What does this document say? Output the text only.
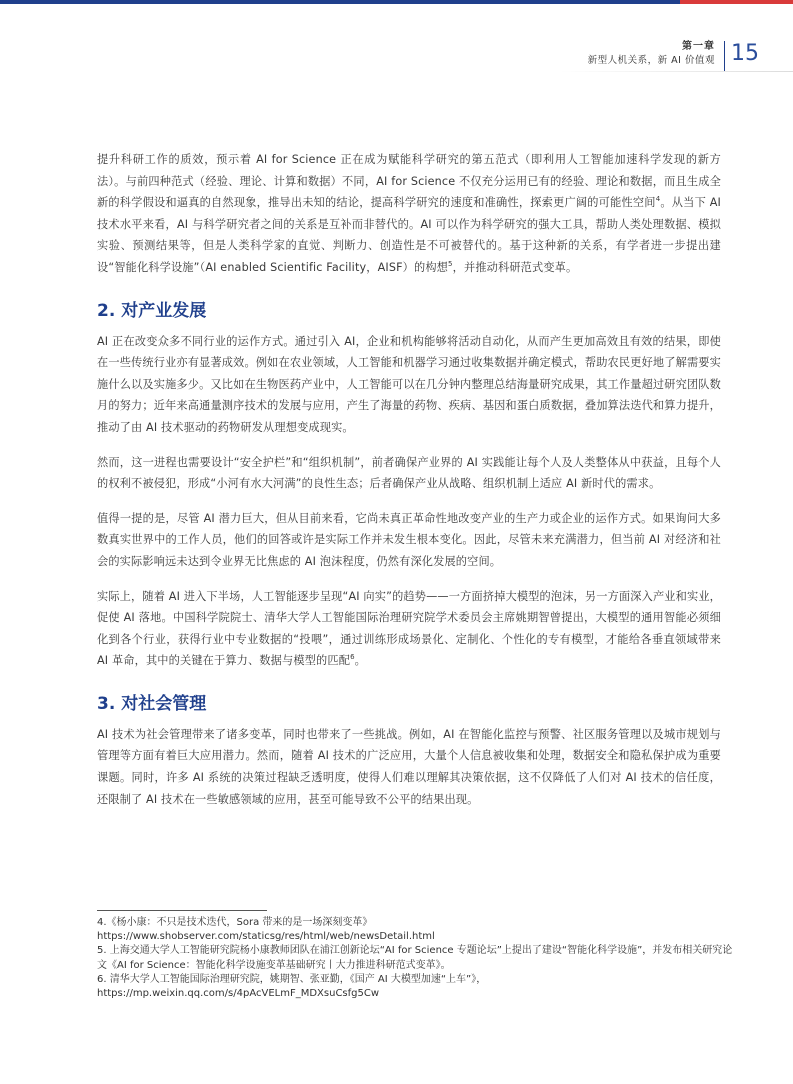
第一章
新型人机关系，新 AI 价值观 15

提升科研工作的质效，预示着 AI for Science 正在成为赋能科学研究的第五范式（即利用人工智能加速科学发现的新方法）。与前四种范式（经验、理论、计算和数据）不同，AI for Science 不仅充分运用已有的经验、理论和数据，而且生成全新的科学假设和逼真的自然现象，推导出未知的结论，提高科学研究的速度和准确性，探索更广阔的可能性空间$^4$。从当下 AI 技术水平来看，AI 与科学研究者之间的关系是互补而非替代的。AI 可以作为科学研究的强大工具，帮助人类处理数据、模拟实验、预测结果等，但是人类科学家的直觉、判断力、创造性是不可被替代的。基于这种新的关系，有学者进一步提出建设“智能化科学设施”（AI enabled Scientific Facility，AISF）的构想$^5$，并推动科研范式变革。

2. 对产业发展

AI 正在改变众多不同行业的运作方式。通过引入 AI，企业和机构能够将活动自动化，从而产生更加高效且有效的结果，即使在一些传统行业亦有显著成效。例如在农业领域，人工智能和机器学习通过收集数据并确定模式，帮助农民更好地了解需要实施什么以及实施多少。又比如在生物医药产业中，人工智能可以在几分钟内整理总结海量研究成果，其工作量超过研究团队数月的努力；近年来高通量测序技术的发展与应用，产生了海量的药物、疾病、基因和蛋白质数据，叠加算法迭代和算力提升，推动了由 AI 技术驱动的药物研发从理想变成现实。

然而，这一进程也需要设计“安全护栏”和“组织机制”，前者确保产业界的 AI 实践能让每个人及人类整体从中获益，且每个人的权利不被侵犯，形成“小河有水大河满”的良性生态；后者确保产业从战略、组织机制上适应 AI 新时代的需求。

值得一提的是，尽管 AI 潜力巨大，但从目前来看，它尚未真正革命性地改变产业的生产力或企业的运作方式。如果询问大多数真实世界中的工作人员，他们的回答或许是实际工作并未发生根本变化。因此，尽管未来充满潜力，但当前 AI 对经济和社会的实际影响远未达到令业界无比焦虑的 AI 泡沫程度，仍然有深化发展的空间。

实际上，随着 AI 进入下半场，人工智能逐步呈现“AI 向实”的趋势——一方面挤掉大模型的泡沫，另一方面深入产业和实业，促使 AI 落地。中国科学院院士、清华大学人工智能国际治理研究院学术委员会主席姚期智曾提出，大模型的通用智能必须细化到各个行业，获得行业中专业数据的“投喂”，通过训练形成场景化、定制化、个性化的专有模型，才能给各垂直领域带来 AI 革命，其中的关键在于算力、数据与模型的匹配$^6$。

3. 对社会管理

AI 技术为社会管理带来了诸多变革，同时也带来了一些挑战。例如，AI 在智能化监控与预警、社区服务管理以及城市规划与管理等方面有着巨大应用潜力。然而，随着 AI 技术的广泛应用，大量个人信息被收集和处理，数据安全和隐私保护成为重要课题。同时，许多 AI 系统的决策过程缺乏透明度，使得人们难以理解其决策依据，这不仅降低了人们对 AI 技术的信任度，还限制了 AI 技术在一些敏感领域的应用，甚至可能导致不公平的结果出现。

4.《杨小康：不只是技术迭代，Sora 带来的是一场深刻变革》

https://www.shobserver.com/staticsg/res/html/web/newsDetail.html

5. 上海交通大学人工智能研究院杨小康教师团队在浦江创新论坛“AI for Science 专题论坛”上提出了建设“智能化科学设施”，并发布相关研究论文《AI for Science：智能化科学设施变革基础研究丨大力推进科研范式变革》。

6. 清华大学人工智能国际治理研究院，姚期智、张亚勤，《国产 AI 大模型加速“上车”》，

https://mp.weixin.qq.com/s/4pAcVELmF_MDXsuCsfg5Cw
